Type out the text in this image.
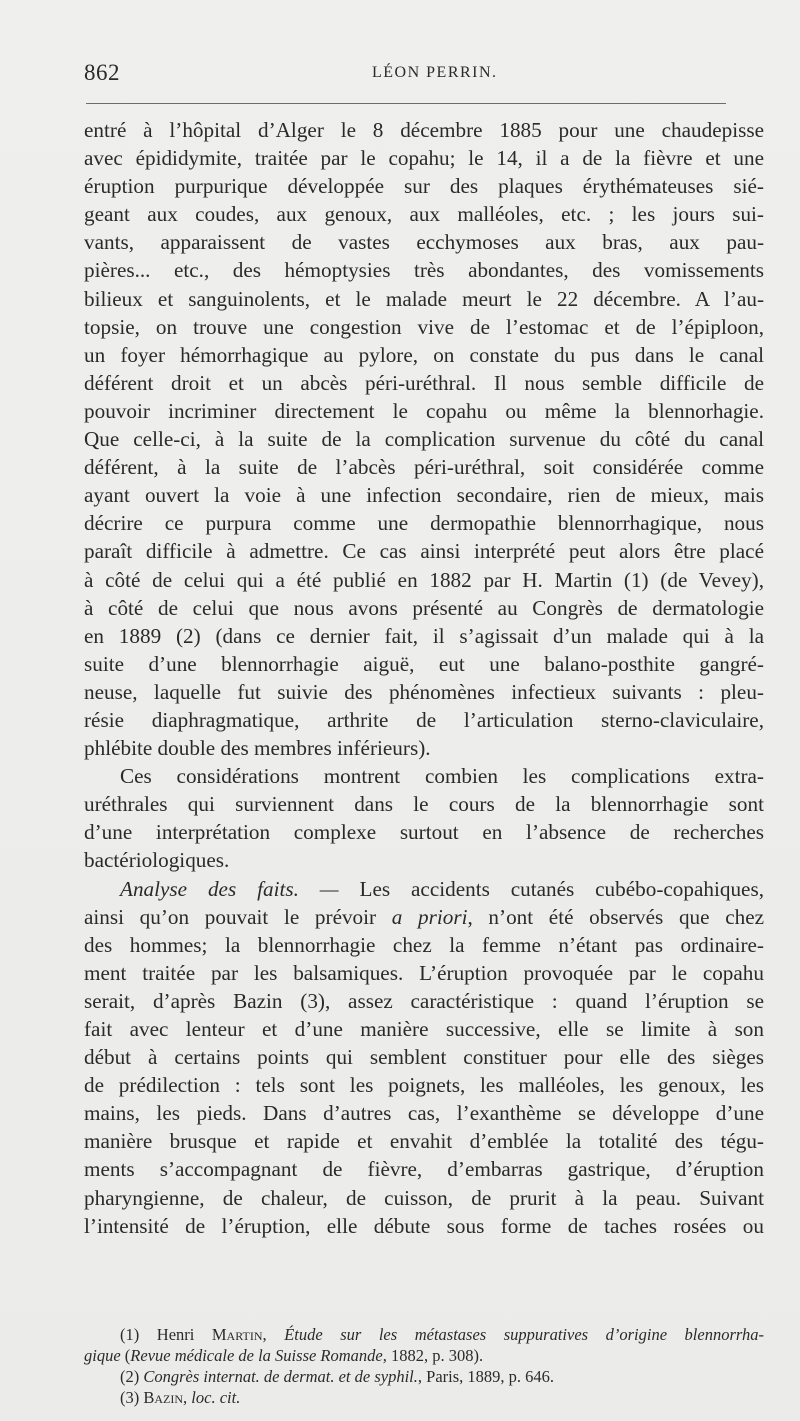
862	LÉON PERRIN.
entré à l’hôpital d’Alger le 8 décembre 1885 pour une chaudepisse
avec épididymite, traitée par le copahu; le 14, il a de la fièvre et une
éruption purpurique développée sur des plaques érythémateuses sié-
geant aux coudes, aux genoux, aux malléoles, etc. ; les jours sui-
vants, apparaissent de vastes ecchymoses aux bras, aux pau-
pières... etc., des hémoptysies très abondantes, des vomissements
bilieux et sanguinolents, et le malade meurt le 22 décembre. A l’au-
topsie, on trouve une congestion vive de l’estomac et de l’épiploon,
un foyer hémorrhagique au pylore, on constate du pus dans le canal
déférent droit et un abcès péri-uréthral. Il nous semble difficile de
pouvoir incriminer directement le copahu ou même la blennorhagie.
Que celle-ci, à la suite de la complication survenue du côté du canal
déférent, à la suite de l’abcès péri-uréthral, soit considérée comme
ayant ouvert la voie à une infection secondaire, rien de mieux, mais
décrire ce purpura comme une dermopathie blennorrhagique, nous
paraît difficile à admettre. Ce cas ainsi interprété peut alors être placé
à côté de celui qui a été publié en 1882 par H. Martin (1) (de Vevey),
à côté de celui que nous avons présenté au Congrès de dermatologie
en 1889 (2) (dans ce dernier fait, il s’agissait d’un malade qui à la
suite d’une blennorrhagie aiguë, eut une balano-posthite gangré-
neuse, laquelle fut suivie des phénomènes infectieux suivants : pleu-
résie diaphragmatique, arthrite de l’articulation sterno-claviculaire,
phlébite double des membres inférieurs).
Ces considérations montrent combien les complications extra-
uréthrales qui surviennent dans le cours de la blennorrhagie sont
d’une interprétation complexe surtout en l’absence de recherches
bactériologiques.
Analyse des faits. — Les accidents cutanés cubébo-copahiques,
ainsi qu’on pouvait le prévoir a priori, n’ont été observés que chez
des hommes; la blennorrhagie chez la femme n’étant pas ordinaire-
ment traitée par les balsamiques. L’éruption provoquée par le copahu
serait, d’après Bazin (3), assez caractéristique : quand l’éruption se
fait avec lenteur et d’une manière successive, elle se limite à son
début à certains points qui semblent constituer pour elle des sièges
de prédilection : tels sont les poignets, les malléoles, les genoux, les
mains, les pieds. Dans d’autres cas, l’exanthème se développe d’une
manière brusque et rapide et envahit d’emblée la totalité des tégu-
ments s’accompagnant de fièvre, d’embarras gastrique, d’éruption
pharyngienne, de chaleur, de cuisson, de prurit à la peau. Suivant
l’intensité de l’éruption, elle débute sous forme de taches rosées ou
(1) Henri Martin, Étude sur les métastases suppuratives d’origine blennorrha-
gique (Revue médicale de la Suisse Romande, 1882, p. 308).
(2) Congrès internat. de dermat. et de syphil., Paris, 1889, p. 646.
(3) Bazin, loc. cit.
